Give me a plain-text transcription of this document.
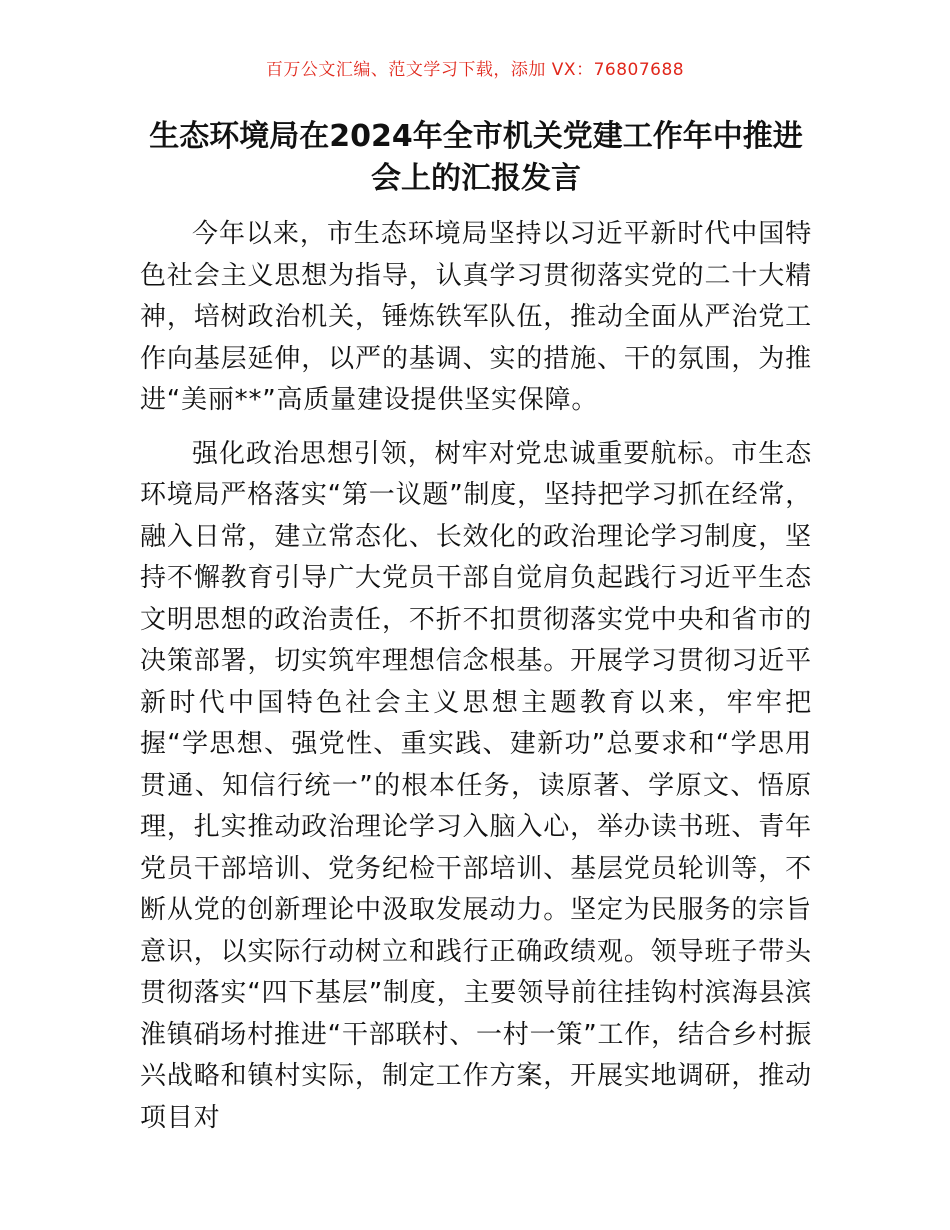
百万公文汇编、范文学习下载，添加 VX：76807688
生态环境局在2024年全市机关党建工作年中推进会上的汇报发言

今年以来，市生态环境局坚持以习近平新时代中国特色社会主义思想为指导，认真学习贯彻落实党的二十大精神，培树政治机关，锤炼铁军队伍，推动全面从严治党工作向基层延伸，以严的基调、实的措施、干的氛围，为推进“美丽**”高质量建设提供坚实保障。

强化政治思想引领，树牢对党忠诚重要航标。市生态环境局严格落实“第一议题”制度，坚持把学习抓在经常，融入日常，建立常态化、长效化的政治理论学习制度，坚持不懈教育引导广大党员干部自觉肩负起践行习近平生态文明思想的政治责任，不折不扣贯彻落实党中央和省市的决策部署，切实筑牢理想信念根基。开展学习贯彻习近平新时代中国特色社会主义思想主题教育以来，牢牢把握“学思想、强党性、重实践、建新功”总要求和“学思用贯通、知信行统一”的根本任务，读原著、学原文、悟原理，扎实推动政治理论学习入脑入心，举办读书班、青年党员干部培训、党务纪检干部培训、基层党员轮训等，不断从党的创新理论中汲取发展动力。坚定为民服务的宗旨意识，以实际行动树立和践行正确政绩观。领导班子带头贯彻落实“四下基层”制度，主要领导前往挂钩村滨海县滨淮镇硝场村推进“干部联村、一村一策”工作，结合乡村振兴战略和镇村实际，制定工作方案，开展实地调研，推动项目对
